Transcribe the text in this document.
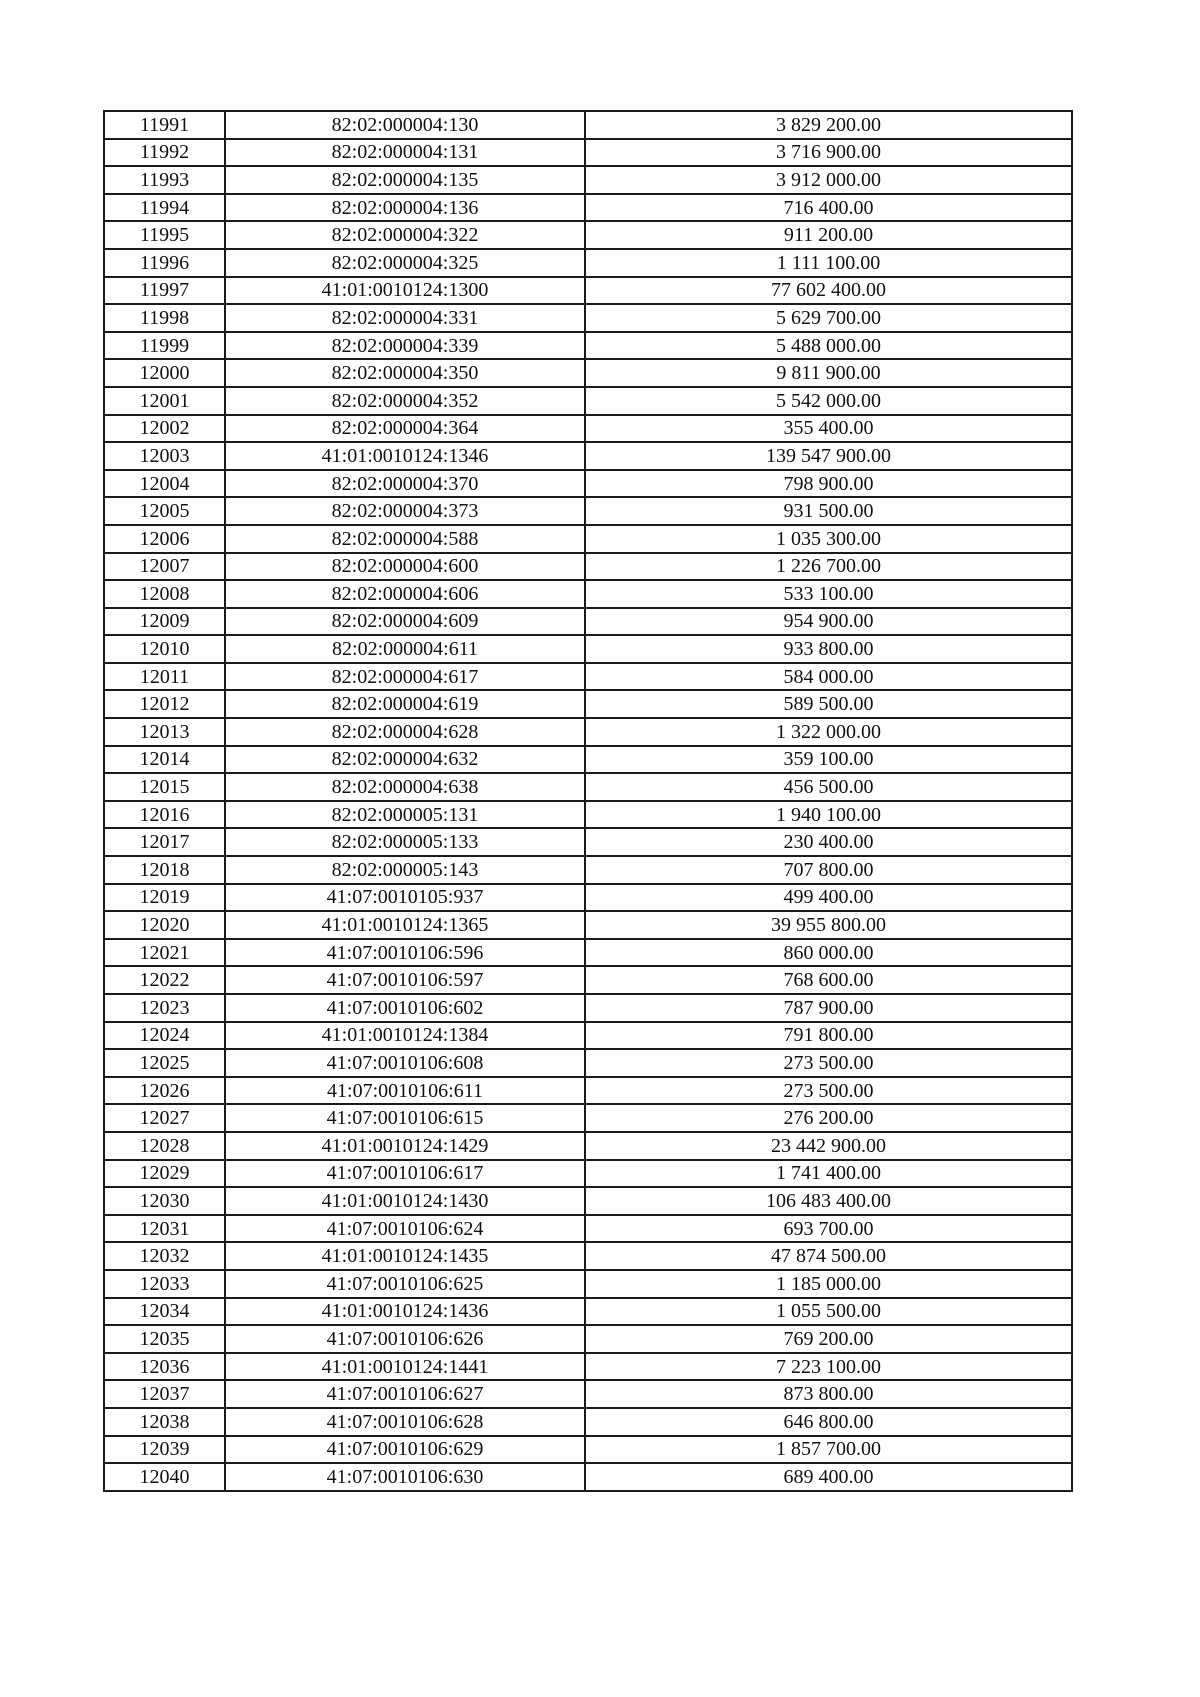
11991	82:02:000004:130	3 829 200.00
11992	82:02:000004:131	3 716 900.00
11993	82:02:000004:135	3 912 000.00
11994	82:02:000004:136	716 400.00
11995	82:02:000004:322	911 200.00
11996	82:02:000004:325	1 111 100.00
11997	41:01:0010124:1300	77 602 400.00
11998	82:02:000004:331	5 629 700.00
11999	82:02:000004:339	5 488 000.00
12000	82:02:000004:350	9 811 900.00
12001	82:02:000004:352	5 542 000.00
12002	82:02:000004:364	355 400.00
12003	41:01:0010124:1346	139 547 900.00
12004	82:02:000004:370	798 900.00
12005	82:02:000004:373	931 500.00
12006	82:02:000004:588	1 035 300.00
12007	82:02:000004:600	1 226 700.00
12008	82:02:000004:606	533 100.00
12009	82:02:000004:609	954 900.00
12010	82:02:000004:611	933 800.00
12011	82:02:000004:617	584 000.00
12012	82:02:000004:619	589 500.00
12013	82:02:000004:628	1 322 000.00
12014	82:02:000004:632	359 100.00
12015	82:02:000004:638	456 500.00
12016	82:02:000005:131	1 940 100.00
12017	82:02:000005:133	230 400.00
12018	82:02:000005:143	707 800.00
12019	41:07:0010105:937	499 400.00
12020	41:01:0010124:1365	39 955 800.00
12021	41:07:0010106:596	860 000.00
12022	41:07:0010106:597	768 600.00
12023	41:07:0010106:602	787 900.00
12024	41:01:0010124:1384	791 800.00
12025	41:07:0010106:608	273 500.00
12026	41:07:0010106:611	273 500.00
12027	41:07:0010106:615	276 200.00
12028	41:01:0010124:1429	23 442 900.00
12029	41:07:0010106:617	1 741 400.00
12030	41:01:0010124:1430	106 483 400.00
12031	41:07:0010106:624	693 700.00
12032	41:01:0010124:1435	47 874 500.00
12033	41:07:0010106:625	1 185 000.00
12034	41:01:0010124:1436	1 055 500.00
12035	41:07:0010106:626	769 200.00
12036	41:01:0010124:1441	7 223 100.00
12037	41:07:0010106:627	873 800.00
12038	41:07:0010106:628	646 800.00
12039	41:07:0010106:629	1 857 700.00
12040	41:07:0010106:630	689 400.00
